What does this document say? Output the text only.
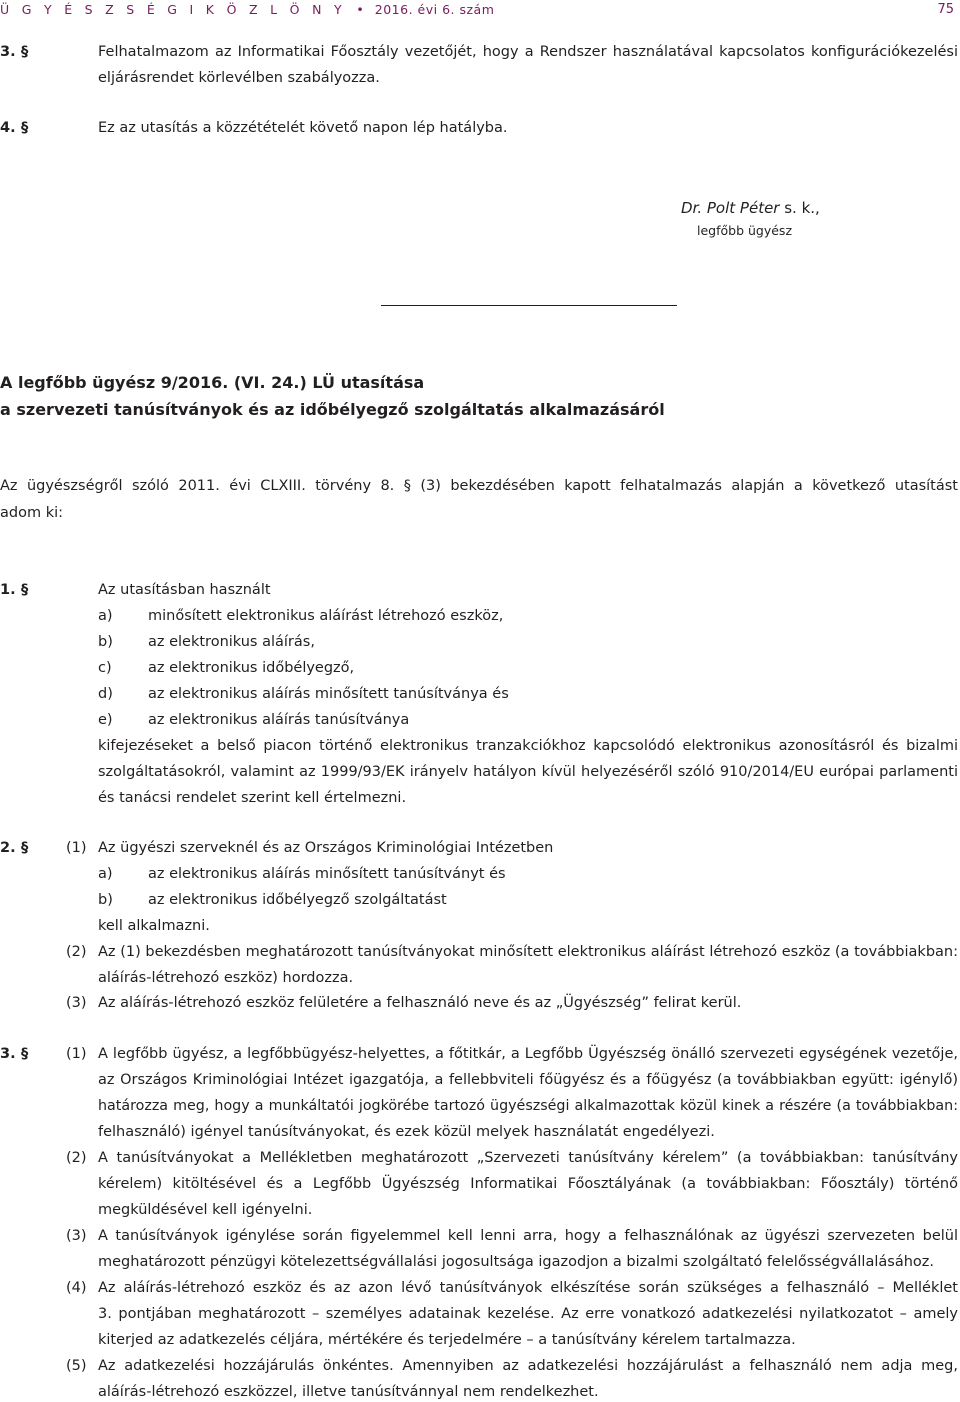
Ü G Y É S Z S É G I K Ö Z L Ö N Y • 2016. évi 6. szám	75
3. §	Felhatalmazom az Informatikai Főosztály vezetőjét, hogy a Rendszer használatával kapcsolatos konfigurációkezelési
eljárásrendet körlevélben szabályozza.
4. §	Ez az utasítás a közzétételét követő napon lép hatályba.
Dr. Polt Péter s. k.,
legfőbb ügyész
A legfőbb ügyész 9/2016. (VI. 24.) LÜ utasítása
a szervezeti tanúsítványok és az időbélyegző szolgáltatás alkalmazásáról
Az ügyészségről szóló 2011. évi CLXIII. törvény 8. § (3) bekezdésében kapott felhatalmazás alapján a következő utasítást
adom ki:
1. §	Az utasításban használt
a) minősített elektronikus aláírást létrehozó eszköz,
b) az elektronikus aláírás,
c)	az elektronikus időbélyegző,
d) az elektronikus aláírás minősített tanúsítványa és
e) az elektronikus aláírás tanúsítványa
kifejezéseket a belső piacon történő elektronikus tranzakciókhoz kapcsolódó elektronikus azonosításról és bizalmi
szolgáltatásokról, valamint az 1999/93/EK irányelv hatályon kívül helyezéséről szóló 910/2014/EU európai parlamenti
és tanácsi rendelet szerint kell értelmezni.
2. §	(1) Az ügyészi szerveknél és az Országos Kriminológiai Intézetben
a) az elektronikus aláírás minősített tanúsítványt és
b) az elektronikus időbélyegző szolgáltatást
kell alkalmazni.
(2) Az (1) bekezdésben meghatározott tanúsítványokat minősített elektronikus aláírást létrehozó eszköz (a továbbiakban:
aláírás-létrehozó eszköz) hordozza.
(3) Az aláírás-létrehozó eszköz felületére a felhasználó neve és az „Ügyészség” felirat kerül.
3. §	(1) A legfőbb ügyész, a legfőbbügyész-helyettes, a főtitkár, a Legfőbb Ügyészség önálló szervezeti egységének vezetője,
az Országos Kriminológiai Intézet igazgatója, a fellebbviteli főügyész és a főügyész (a továbbiakban együtt: igénylő)
határozza meg, hogy a munkáltatói jogkörébe tartozó ügyészségi alkalmazottak közül kinek a részére (a továbbiakban:
felhasználó) igényel tanúsítványokat, és ezek közül melyek használatát engedélyezi.
(2) A tanúsítványokat a Mellékletben meghatározott „Szervezeti tanúsítvány kérelem” (a továbbiakban: tanúsítvány
kérelem) kitöltésével és a Legfőbb Ügyészség Informatikai Főosztályának (a továbbiakban: Főosztály) történő
megküldésével kell igényelni.
(3) A tanúsítványok igénylése során figyelemmel kell lenni arra, hogy a felhasználónak az ügyészi szervezeten belül
meghatározott pénzügyi kötelezettségvállalási jogosultsága igazodjon a bizalmi szolgáltató felelősségvállalásához.
(4) Az aláírás-létrehozó eszköz és az azon lévő tanúsítványok elkészítése során szükséges a felhasználó – Melléklet
3. pontjában meghatározott – személyes adatainak kezelése. Az erre vonatkozó adatkezelési nyilatkozatot – amely
kiterjed az adatkezelés céljára, mértékére és terjedelmére – a tanúsítvány kérelem tartalmazza.
(5) Az adatkezelési hozzájárulás önkéntes. Amennyiben az adatkezelési hozzájárulást a felhasználó nem adja meg,
aláírás-létrehozó eszközzel, illetve tanúsítvánnyal nem rendelkezhet.
